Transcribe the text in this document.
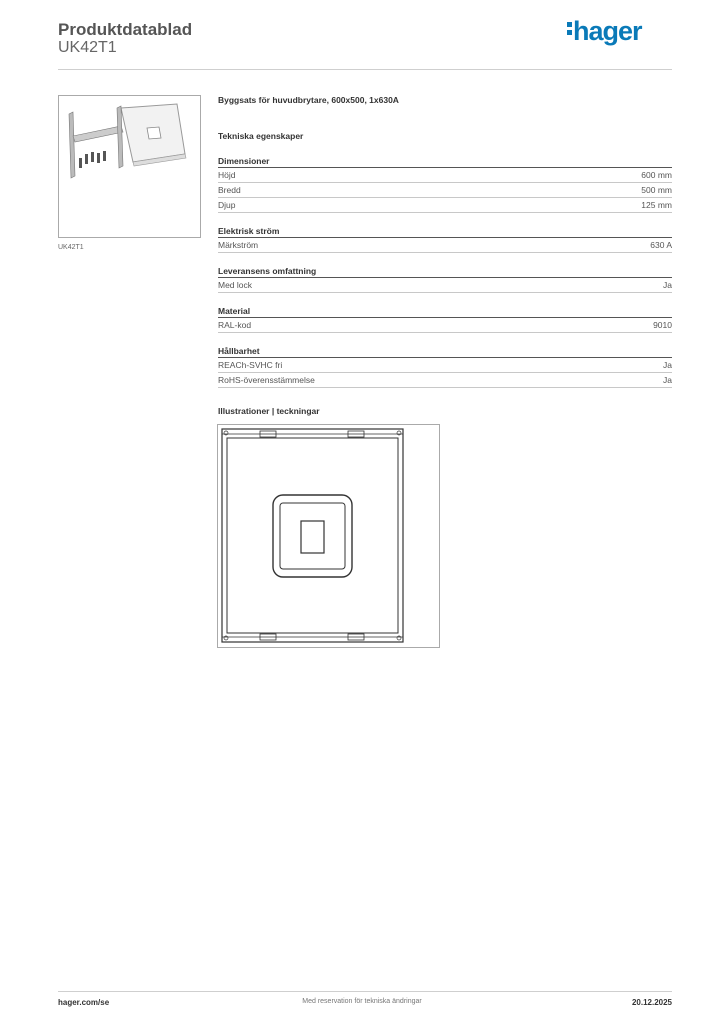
Produktdatablad
UK42T1
hager
UK42T1
Byggsats för huvudbrytare, 600x500, 1x630A
Tekniska egenskaper
Dimensioner
Höjd	600 mm
Bredd	500 mm
Djup	125 mm
Elektrisk ström
Märkström	630 A
Leveransens omfattning
Med lock	Ja
Material
RAL-kod	9010
Hållbarhet
REACh-SVHC fri	Ja
RoHS-överensstämmelse	Ja
Illustrationer | teckningar
hager.com/se	Med reservation för tekniska ändringar	20.12.2025
